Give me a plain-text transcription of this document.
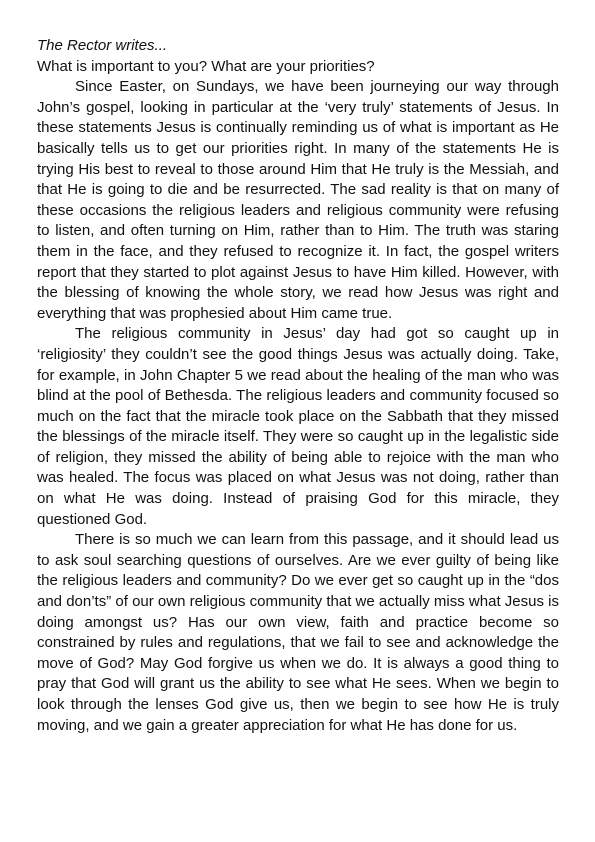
The Rector writes...

What is important to you? What are your priorities?

Since Easter, on Sundays, we have been journeying our way through John’s gospel, looking in particular at the ‘very truly’ statements of Jesus. In these statements Jesus is continually reminding us of what is important as He basically tells us to get our priorities right. In many of the statements He is trying His best to reveal to those around Him that He truly is the Messiah, and that He is going to die and be resurrected. The sad reality is that on many of these occasions the religious leaders and religious community were refusing to listen, and often turning on Him, rather than to Him. The truth was staring them in the face, and they refused to recognize it. In fact, the gospel writers report that they started to plot against Jesus to have Him killed. However, with the blessing of knowing the whole story, we read how Jesus was right and everything that was prophesied about Him came true.

The religious community in Jesus’ day had got so caught up in ‘religiosity’ they couldn’t see the good things Jesus was actually doing. Take, for example, in John Chapter 5 we read about the healing of the man who was blind at the pool of Bethesda. The religious leaders and community focused so much on the fact that the miracle took place on the Sabbath that they missed the blessings of the miracle itself. They were so caught up in the legalistic side of religion, they missed the ability of being able to rejoice with the man who was healed. The focus was placed on what Jesus was not doing, rather than on what He was doing. Instead of praising God for this miracle, they questioned God.

There is so much we can learn from this passage, and it should lead us to ask soul searching questions of ourselves. Are we ever guilty of being like the religious leaders and community? Do we ever get so caught up in the “dos and don’ts” of our own religious community that we actually miss what Jesus is doing amongst us? Has our own view, faith and practice become so constrained by rules and regulations, that we fail to see and acknowledge the move of God? May God forgive us when we do. It is always a good thing to pray that God will grant us the ability to see what He sees. When we begin to look through the lenses God give us, then we begin to see how He is truly moving, and we gain a greater appreciation for what He has done for us.
